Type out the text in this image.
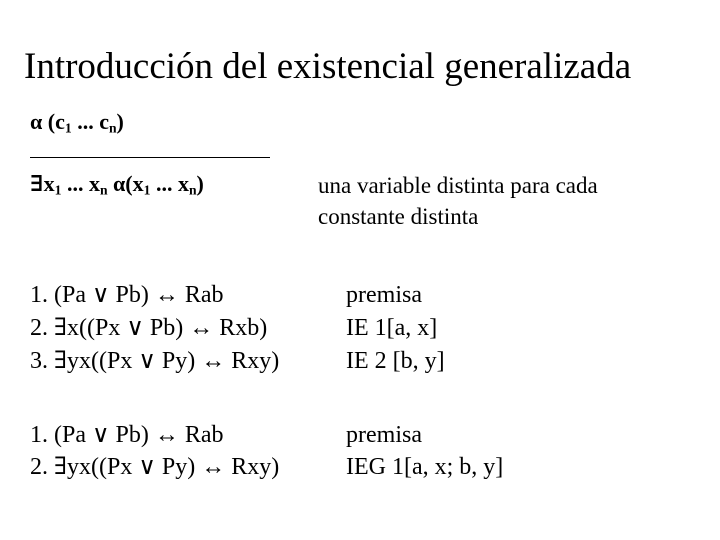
Introducción del existencial generalizada
α ($c_1$ ... $c_n$)
$\exists x_1$ ... $x_n$ $\alpha(x_1$ ... $x_n$)	una variable distinta para cada
constante distinta
1. (Pa ∨ Pb) ↔ Rab	premisa
2. ∃x((Px ∨ Pb) ↔ Rxb)	IE 1[a, x]
3. ∃yx((Px ∨ Py) ↔ Rxy)	IE 2 [b, y]
1. (Pa ∨ Pb) ↔ Rab	premisa
2. ∃yx((Px ∨ Py) ↔ Rxy)	IEG 1[a, x; b, y]
